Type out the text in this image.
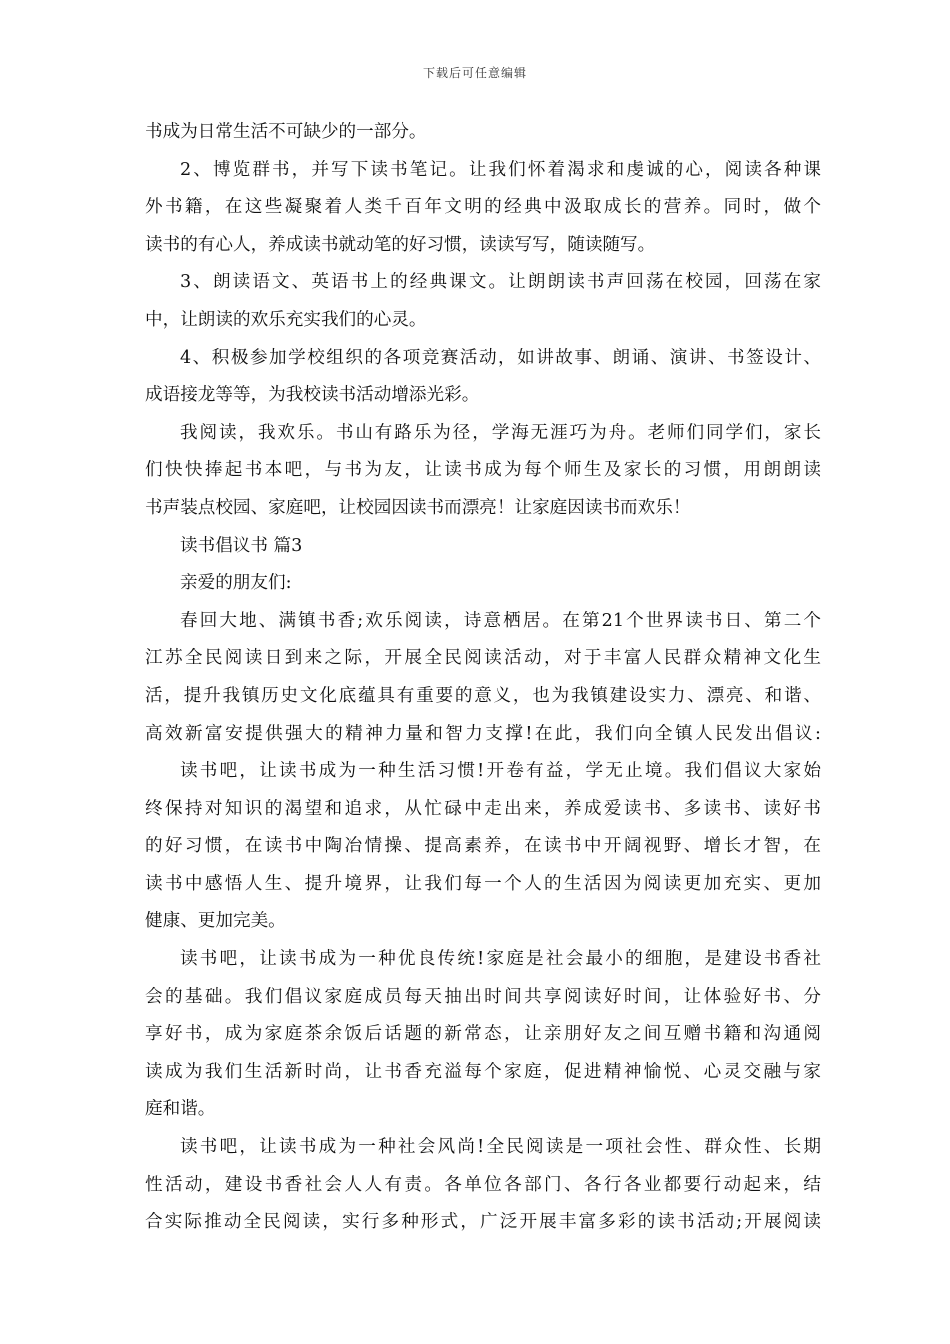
下载后可任意编辑
书成为日常生活不可缺少的一部分。
2、博览群书，并写下读书笔记。让我们怀着渴求和虔诚的心，阅读各种课
外书籍，在这些凝聚着人类千百年文明的经典中汲取成长的营养。同时，做个
读书的有心人，养成读书就动笔的好习惯，读读写写，随读随写。
3、朗读语文、英语书上的经典课文。让朗朗读书声回荡在校园，回荡在家
中，让朗读的欢乐充实我们的心灵。
4、积极参加学校组织的各项竞赛活动，如讲故事、朗诵、演讲、书签设计、
成语接龙等等，为我校读书活动增添光彩。
我阅读，我欢乐。书山有路乐为径，学海无涯巧为舟。老师们同学们，家长
们快快捧起书本吧，与书为友，让读书成为每个师生及家长的习惯，用朗朗读
书声装点校园、家庭吧，让校园因读书而漂亮！让家庭因读书而欢乐！
读书倡议书 篇3
亲爱的朋友们:
春回大地、满镇书香;欢乐阅读，诗意栖居。在第21个世界读书日、第二个
江苏全民阅读日到来之际，开展全民阅读活动，对于丰富人民群众精神文化生
活，提升我镇历史文化底蕴具有重要的意义，也为我镇建设实力、漂亮、和谐、
高效新富安提供强大的精神力量和智力支撑!在此，我们向全镇人民发出倡议:
读书吧，让读书成为一种生活习惯!开卷有益，学无止境。我们倡议大家始
终保持对知识的渴望和追求，从忙碌中走出来，养成爱读书、多读书、读好书
的好习惯，在读书中陶冶情操、提高素养，在读书中开阔视野、增长才智，在
读书中感悟人生、提升境界，让我们每一个人的生活因为阅读更加充实、更加
健康、更加完美。
读书吧，让读书成为一种优良传统!家庭是社会最小的细胞，是建设书香社
会的基础。我们倡议家庭成员每天抽出时间共享阅读好时间，让体验好书、分
享好书，成为家庭茶余饭后话题的新常态，让亲朋好友之间互赠书籍和沟通阅
读成为我们生活新时尚，让书香充溢每个家庭，促进精神愉悦、心灵交融与家
庭和谐。
读书吧，让读书成为一种社会风尚!全民阅读是一项社会性、群众性、长期
性活动，建设书香社会人人有责。各单位各部门、各行各业都要行动起来，结
合实际推动全民阅读，实行多种形式，广泛开展丰富多彩的读书活动;开展阅读
